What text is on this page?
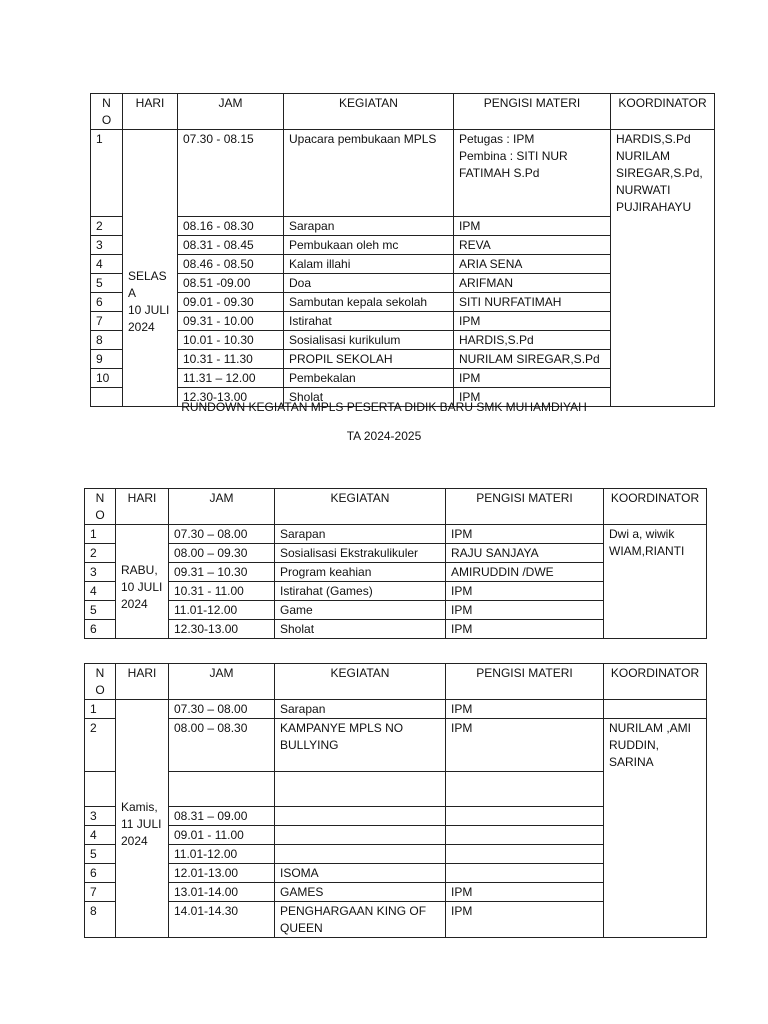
N
O	HARI	JAM	KEGIATAN	PENGISI MATERI	KOORDINATOR

1	SELASA
10 JULI
2024	07.30 - 08.15	Upacara pembukaan MPLS	Petugas : IPM
Pembina : SITI NUR
FATIMAH S.Pd	HARDIS,S.Pd
NURILAM
SIREGAR,S.Pd,
NURWATI
PUJIRAHAYU

2		08.16 - 08.30	Sarapan	IPM	

3		08.31 - 08.45	Pembukaan oleh mc	REVA	

4		08.46 - 08.50	Kalam illahi	ARIA SENA	

5		08.51 -09.00	Doa	ARIFMAN	

6		09.01 - 09.30	Sambutan kepala sekolah	SITI NURFATIMAH	

7		09.31 - 10.00	Istirahat	IPM	

8		10.01 - 10.30	Sosialisasi kurikulum	HARDIS,S.Pd	

9		10.31 - 11.30	PROPIL SEKOLAH	NURILAM SIREGAR,S.Pd	

10		11.31 – 12.00	Pembekalan	IPM	

		12.30-13.00	Sholat	IPM	
RUNDOWN KEGIATAN MPLS PESERTA DIDIK BARU SMK MUHAMDIYAH
TA 2024-2025
N
O	HARI	JAM	KEGIATAN	PENGISI MATERI	KOORDINATOR

1	RABU,
10 JULI
2024	07.30 – 08.00	Sarapan	IPM	Dwi a, wiwik
WIAM,RIANTI

2		08.00 – 09.30	Sosialisasi Ekstrakulikuler	RAJU SANJAYA	

3		09.31 – 10.30	Program keahian	AMIRUDDIN /DWE	

4		10.31 - 11.00	Istirahat (Games)	IPM	

5		11.01-12.00	Game	IPM	

6		12.30-13.00	Sholat	IPM	
N
O	HARI	JAM	KEGIATAN	PENGISI MATERI	KOORDINATOR

1	Kamis,
11 JULI
2024	07.30 – 08.00	Sarapan	IPM	

2		08.00 – 08.30	KAMPANYE MPLS NO
BULLYING	IPM	NURILAM ,AMI
RUDDIN,
SARINA

3		08.31 – 09.00			

4		09.01 - 11.00			

5		11.01-12.00			

6		12.01-13.00	ISOMA		

7		13.01-14.00	GAMES	IPM	

8		14.01-14.30	PENGHARGAAN KING OF
QUEEN	IPM	
